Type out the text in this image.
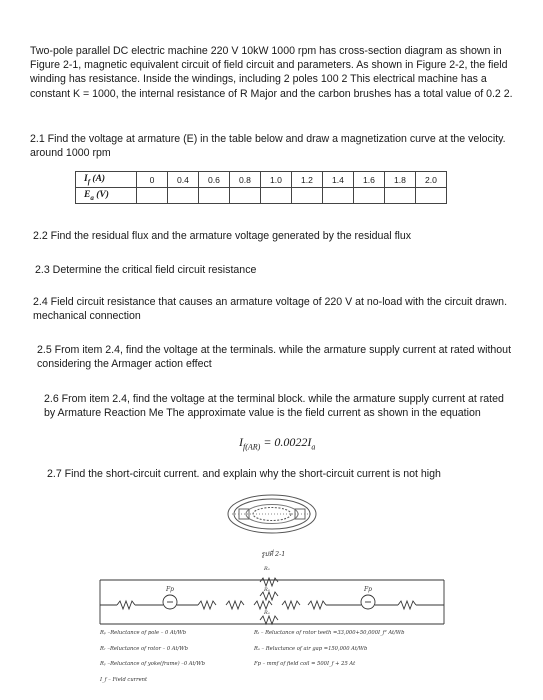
Two-pole parallel DC electric machine 220 V 10kW 1000 rpm has cross-section diagram as shown in Figure 2-1, magnetic equivalent circuit of field circuit and parameters. As shown in Figure 2-2, the field winding has resistance. Inside the windings, including 2 poles 100 2 This electrical machine has a constant K = 1000, the internal resistance of R Major and the carbon brushes has a total value of 0.2 2.

2.1 Find the voltage at armature (E) in the table below and draw a magnetization curve at the velocity. around 1000 rpm

$I_f$ (A)	0	0.4	0.6	0.8	1.0	1.2	1.4	1.6	1.8	2.0
$E_a$ (V)										

2.2 Find the residual flux and the armature voltage generated by the residual flux

2.3 Determine the critical field circuit resistance

2.4 Field circuit resistance that causes an armature voltage of 220 V at no-load with the circuit drawn. mechanical connection

2.5 From item 2.4, find the voltage at the terminals. while the armature supply current at rated without considering the Armager action effect

2.6 From item 2.4, find the voltage at the terminal block. while the armature supply current at rated by Armature Reaction Me The approximate value is the field current as shown in the equation

$I_{f(AR)} = 0.0022I_a$

2.7 Find the short-circuit current. and explain why the short-circuit current is not high

รูปที่ 2-1
Fp	Fp
Rₐ
Rₐ
Rₐ
Rₚ –Reluctance of pole – 0 At/Wb
Rᵣ –Reluctance of rotor – 0 At/Wb
Rᵧ –Reluctance of yoke(frame) –0 At/Wb
I_f – Field current
Rₜ – Reluctance of rotor teeth =33,000+50,000I_f² At/Wb
Rₐ – Reluctance of air gap =150,000 At/Wb
Fp – mmf of field coil = 500I_f + 25 At
